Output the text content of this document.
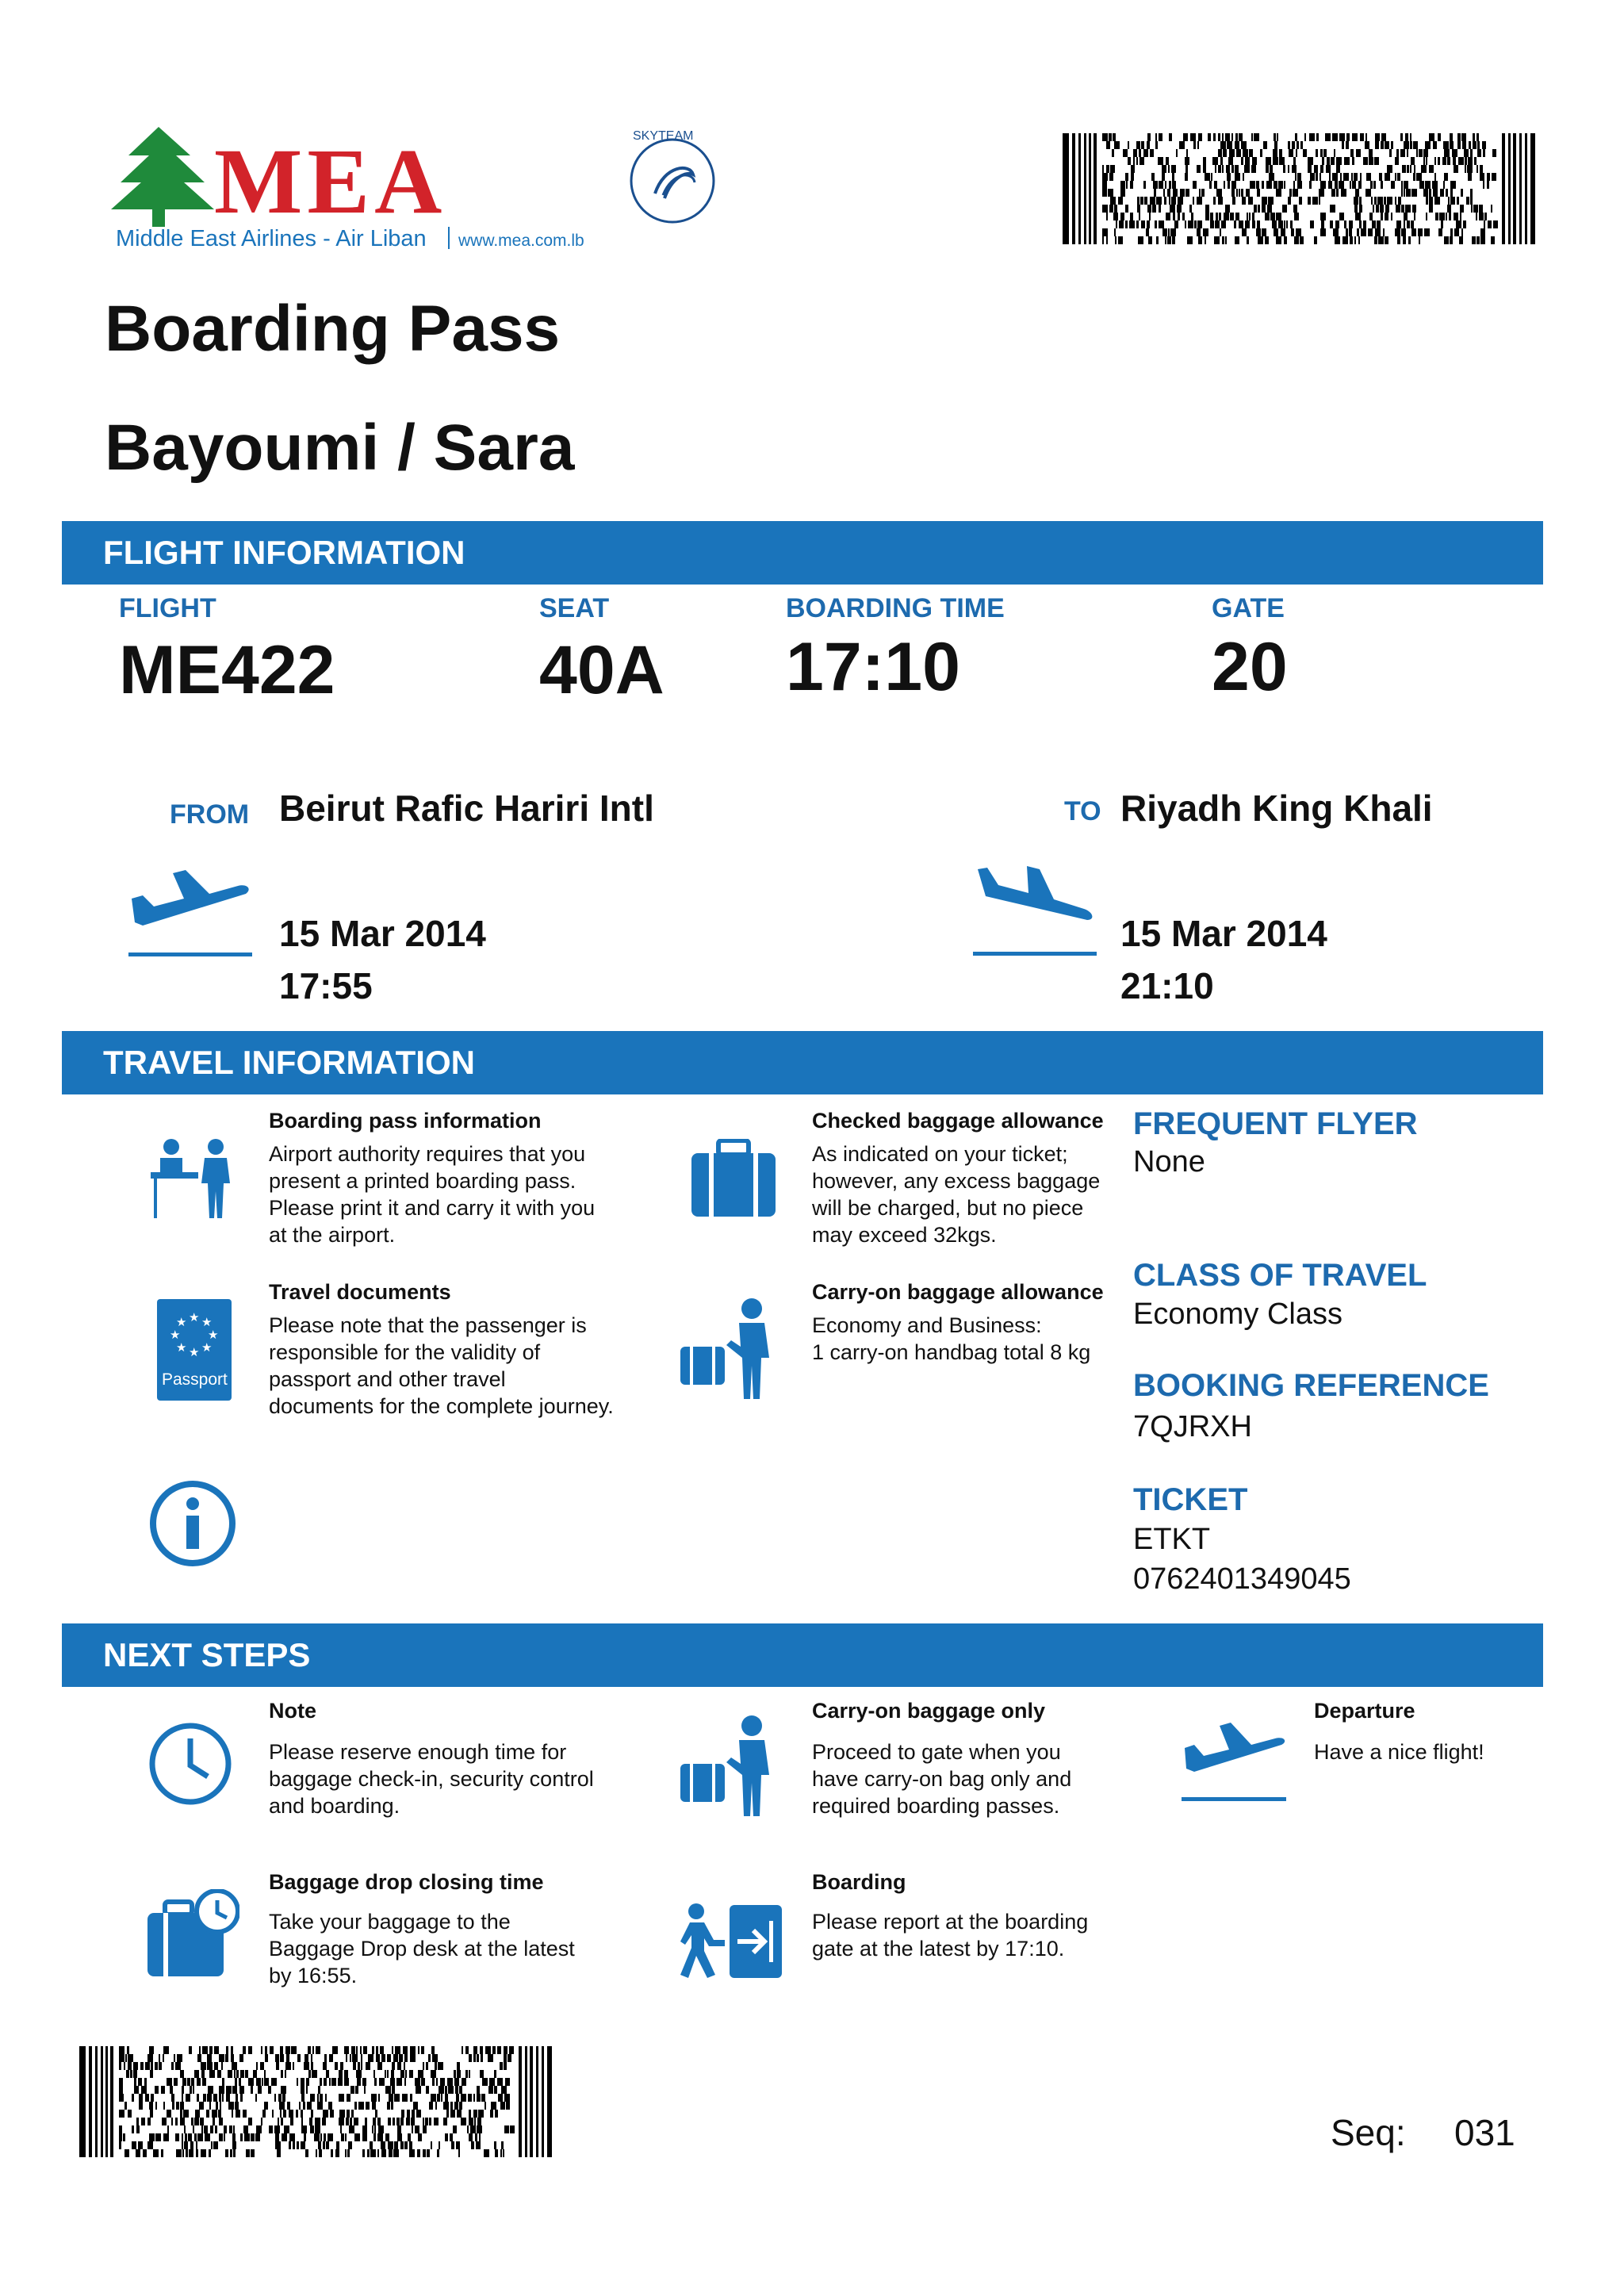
MEA
Middle East Airlines - Air Liban www.mea.com.lb
SKYTEAM
Boarding Pass
Bayoumi / Sara
FLIGHT INFORMATION
FLIGHT
ME422
SEAT
40A
BOARDING TIME
17:10
GATE
20
FROM Beirut Rafic Hariri Intl	TO Riyadh King Khali
15 Mar 2014
17:55
15 Mar 2014
21:10
TRAVEL INFORMATION
Boarding pass information
Airport authority requires that you
present a printed boarding pass.
Please print it and carry it with you
at the airport.
Checked baggage allowance
As indicated on your ticket;
however, any excess baggage
will be charged, but no piece
may exceed 32kgs.
★ ★
★
★
★
★
★
★
Passport
Travel documents
Please note that the passenger is
responsible for the validity of
passport and other travel
documents for the complete journey.
Carry-on baggage allowance
Economy and Business:
1 carry-on handbag total 8 kg
FREQUENT FLYER
None
CLASS OF TRAVEL
Economy Class
BOOKING REFERENCE
7QJRXH
TICKET
ETKT
0762401349045
NEXT STEPS
Note
Please reserve enough time for
baggage check-in, security control
and boarding.
Carry-on baggage only
Proceed to gate when you
have carry-on bag only and
required boarding passes.
Departure
Have a nice flight!
Baggage drop closing time
Take your baggage to the
Baggage Drop desk at the latest
by 16:55.
Boarding
Please report at the boarding
gate at the latest by 17:10.
Seq: 031
